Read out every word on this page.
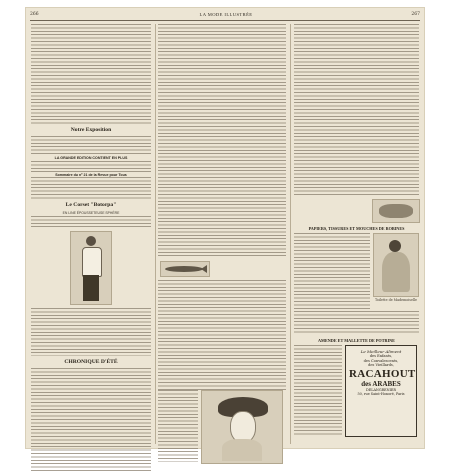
266	LA MODE ILLUSTRÉE	267
Notre Exposition
LA GRANDE EDITION CONTIENT EN PLUS
Sommaire du nº 21 de la Revue pour Tous
Le Corset "Botorpa"
EN LINE ÉPOUSSETEUSE SPHÈRE
CHRONIQUE D'ÉTÉ
PAPIERS, TISSURES ET MOUCHES DE ROBINES
Toilette de Mademoiselle
AMENDE ET MALLETTE DE POTRINE
Le Meilleur Aliment
des Enfants,
des Convalescents,
des Vieillards,
RACAHOUT
des ARABES
DELANGRENIER
50, rue Saint-Honoré, Paris
